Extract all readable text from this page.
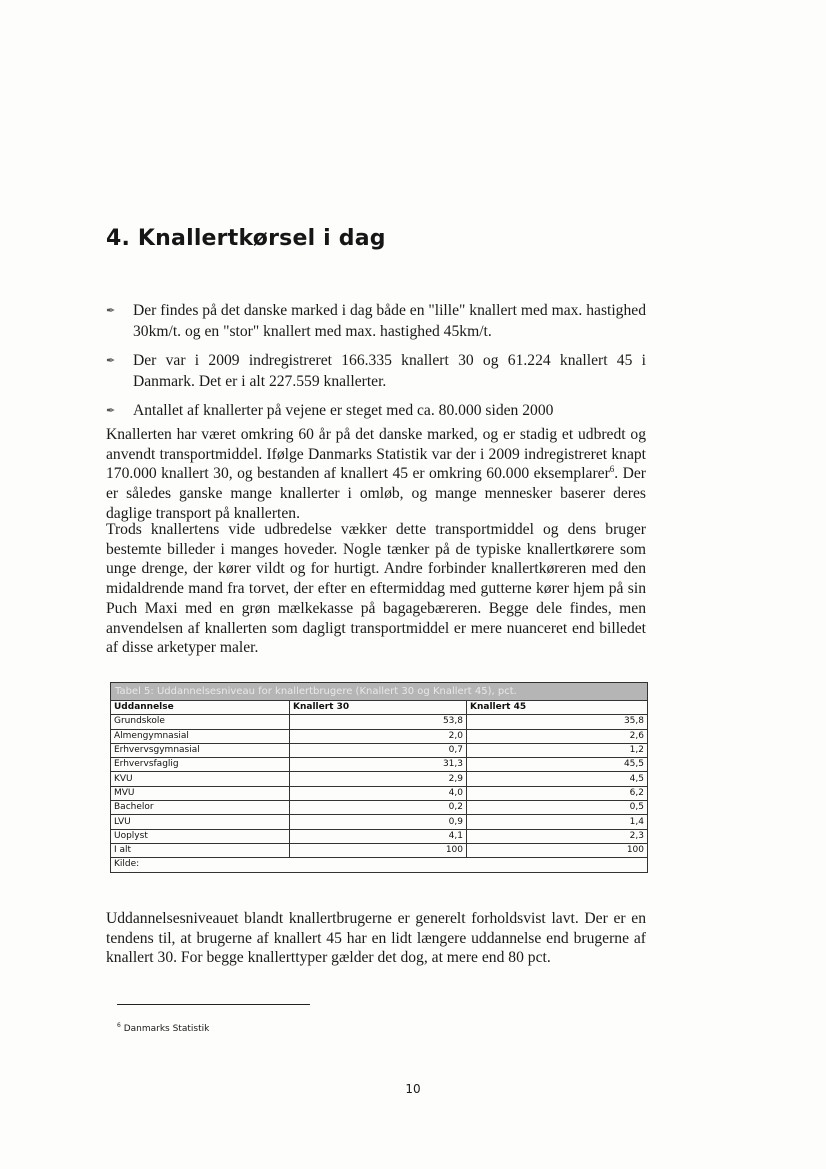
4. Knallertkørsel i dag
✒	Der findes på det danske marked i dag både en "lille" knallert med max. hastighed 30km/t. og en "stor" knallert med max. hastighed 45km/t.
✒	Der var i 2009 indregistreret 166.335 knallert 30 og 61.224 knallert 45 i Danmark. Det er i alt 227.559 knallerter.
✒	Antallet af knallerter på vejene er steget med ca. 80.000 siden 2000

Knallerten har været omkring 60 år på det danske marked, og er stadig et udbredt og anvendt transportmiddel. Ifølge Danmarks Statistik var der i 2009 indregistreret knapt 170.000 knallert 30, og bestanden af knallert 45 er omkring 60.000 eksemplarer$^6$. Der er således ganske mange knallerter i omløb, og mange mennesker baserer deres daglige transport på knallerten.

Trods knallertens vide udbredelse vækker dette transportmiddel og dens bruger bestemte billeder i manges hoveder. Nogle tænker på de typiske knallertkørere som unge drenge, der kører vildt og for hurtigt. Andre forbinder knallertkøreren med den midaldrende mand fra torvet, der efter en eftermiddag med gutterne kører hjem på sin Puch Maxi med en grøn mælkekasse på bagagebæreren. Begge dele findes, men anvendelsen af knallerten som dagligt transportmiddel er mere nuanceret end billedet af disse arketyper maler.

Tabel 5: Uddannelsesniveau for knallertbrugere (Knallert 30 og Knallert 45), pct.
Uddannelse	Knallert 30	Knallert 45
Grundskole	53,8	35,8
Almengymnasial	2,0	2,6
Erhvervsgymnasial	0,7	1,2
Erhvervsfaglig	31,3	45,5
KVU	2,9	4,5
MVU	4,0	6,2
Bachelor	0,2	0,5
LVU	0,9	1,4
Uoplyst	4,1	2,3
I alt	100	100
Kilde:		

Uddannelsesniveauet blandt knallertbrugerne er generelt forholdsvist lavt. Der er en tendens til, at brugerne af knallert 45 har en lidt længere uddannelse end brugerne af knallert 30. For begge knallerttyper gælder det dog, at mere end 80 pct.

$^6$ Danmarks Statistik
10
